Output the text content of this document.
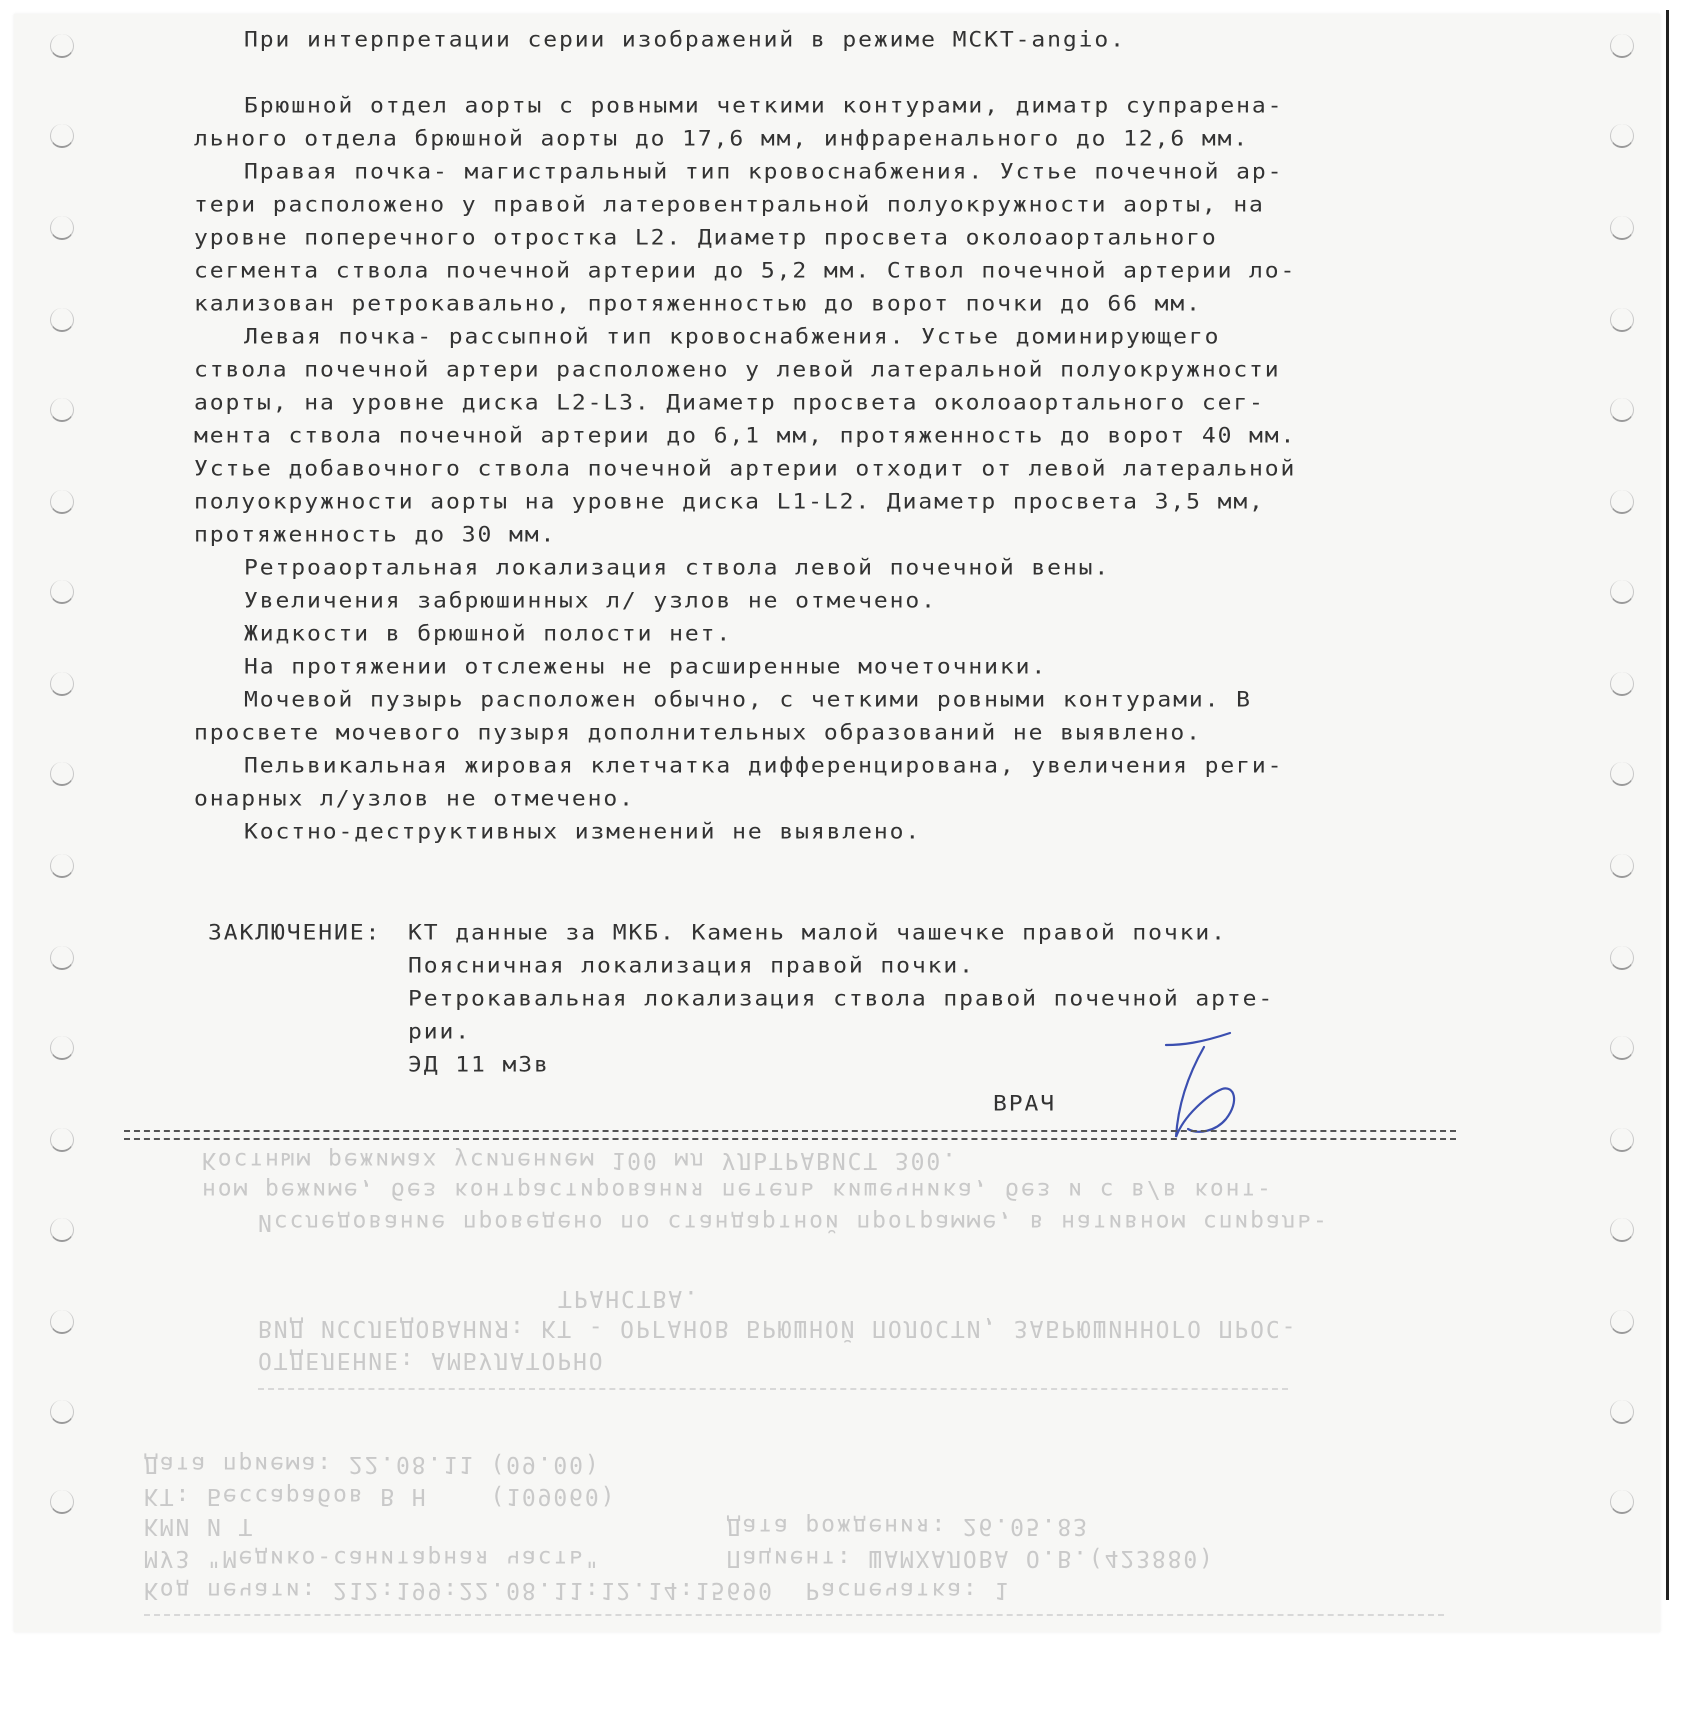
При интерпретации серии изображений в режиме МСКТ-angio.
Брюшной отдел аорты с ровными четкими контурами, диматр супрарена-
льного отдела брюшной аорты до 17,6 мм, инфраренального до 12,6 мм.
Правая почка- магистральный тип кровоснабжения. Устье почечной ар-
тери расположено у правой латеровентральной полуокружности аорты, на
уровне поперечного отростка L2. Диаметр просвета околоаортального
сегмента ствола почечной артерии до 5,2 мм. Ствол почечной артерии ло-
кализован ретрокавально, протяженностью до ворот почки до 66 мм.
Левая почка- рассыпной тип кровоснабжения. Устье доминирующего
ствола почечной артери расположено у левой латеральной полуокружности
аорты, на уровне диска L2-L3. Диаметр просвета околоаортального сег-
мента ствола почечной артерии до 6,1 мм, протяженность до ворот 40 мм.
Устье добавочного ствола почечной артерии отходит от левой латеральной
полуокружности аорты на уровне диска L1-L2. Диаметр просвета 3,5 мм,
протяженность до 30 мм.
Ретроаортальная локализация ствола левой почечной вены.
Увеличения забрюшинных л/ узлов не отмечено.
Жидкости в брюшной полости нет.
На протяжении отслежены не расширенные мочеточники.
Мочевой пузырь расположен обычно, с четкими ровными контурами. В
просвете мочевого пузыря дополнительных образований не выявлено.
Пельвикальная жировая клетчатка дифференцирована, увеличения реги-
онарных л/узлов не отмечено.
Костно-деструктивных изменений не выявлено.
ЗАКЛЮЧЕНИЕ: КТ данные за МКБ. Камень малой чашечке правой почки.
Поясничная локализация правой почки.
Ретрокавальная локализация ствола правой почечной арте-
рии.
ЭД 11 мЗв
ВРАЧ
Костным режимах усилением 100 мл УЛЬТРАВИСТ 300.
ном режиме, без контрастирования петель кишечника, без и с в/в конт-
Исследование проведено по стандартной программе, в нативном спираль-
ТРАНСТВА.
ВИД ИССЛЕДОВАНИЯ: КТ - ОРГАНОВ БРЮШНОЙ ПОЛОСТИ, ЗАБРЮШИННОГО ПРОС-
ОТДЕЛЕНИЕ: АМБУЛАТОРНО
Дата приема: 22.08.11 (09.00)
КТ: Бессарабов В Н    (109060)
КМИ И Т                              Дата рождения: 26.05.83
МУЗ "Медико-санитарная часть"        Пациент: ШАМХАЛОВА О.В.(423880)
Код печати: 212:199:22.08.11:12.14:15690  Распечатка: 1
